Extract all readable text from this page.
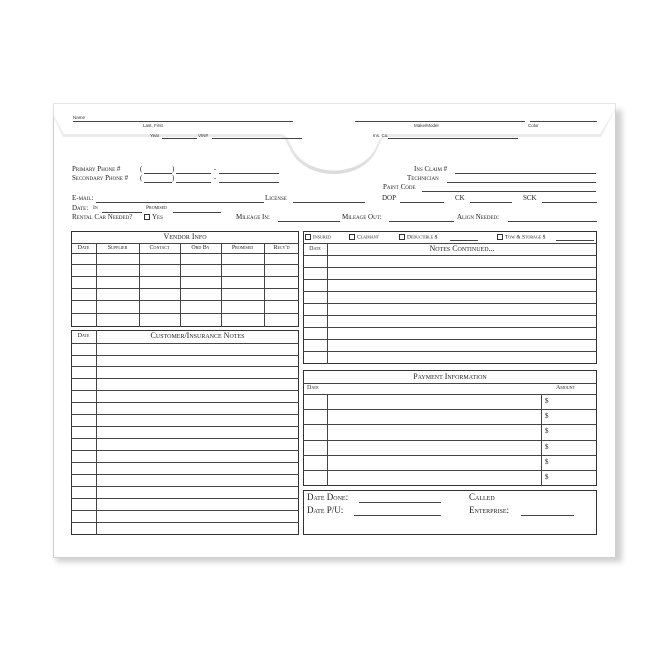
Name
Last, First	Make/Model	Color
Year	VIN#	Ins. Co.
Primary Phone #	(	)	-
Secondary Phone # (	)	-
Ins Claim #
Technician
Paint Code
E-mail:	License	DOP	CK	SCK
Date: In	Promised
Rental Car Needed?	Yes	Mileage In:	Mileage Out:	Align Needed:
Vendor Info
Date	Supplier	Contact	Ord By	Promised	Recv'd
Date	Customer/Insurance Notes
Insured	Claimant	Deductible $	Tow & Storage $
Date	Notes Continued...
Payment Information
Date	Amount
$
$
$
$
$
$
Date Done:	Called
Date P/U:	Enterprise:
